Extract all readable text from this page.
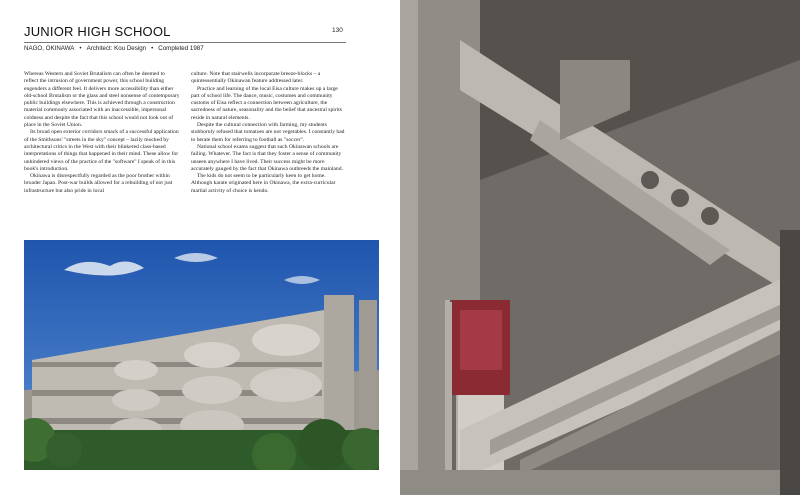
JUNIOR HIGH SCHOOL	130
NAGO, OKINAWA • Architect: Kou Design • Completed 1987

Whereas Western and Soviet Brutalism can often be deemed to reflect the intrusion of government power, this school building engenders a different feel. It delivers more accessibility than either old-school Brutalism or the glass and steel nonsense of contemporary public buildings elsewhere. This is achieved through a construction material commonly associated with an inaccessible, impersonal coldness and despite the fact that this school would not look out of place in the Soviet Union.

Its broad open exterior corridors smack of a successful application of the Smithsons' "streets in the sky" concept – lazily mocked by architectural critics in the West with their blinkered class-based interpretations of things that happened in their mind. These allow for unhindered views of the practice of the "software" I speak of in this book's introduction.

Okinawa is disrespectfully regarded as the poor brother within broader Japan. Post-war builds allowed for a rebuilding of not just infrastructure but also pride in local

culture. Note that stairwells incorporate breeze-blocks – a quintessentially Okinawan feature addressed later.

Practice and learning of the local Eisa culture makes up a large part of school life. The dance, music, costumes and community customs of Eisa reflect a connection between agriculture, the sacredness of nature, seasonality and the belief that ancestral spirits reside in natural elements.

Despite the cultural connection with farming, my students stubbornly refused that tomatoes are not vegetables. I constantly had to berate them for referring to football as "soccer".

National school exams suggest that such Okinawan schools are failing. Whatever. The fact is that they foster a sense of community unseen anywhere I have lived. Their success might be more accurately gauged by the fact that Okinawa outbreeds the mainland.

The kids do not seem to be particularly keen to get home. Although karate originated here in Okinawa, the extra-curricular martial activity of choice is kendo.
